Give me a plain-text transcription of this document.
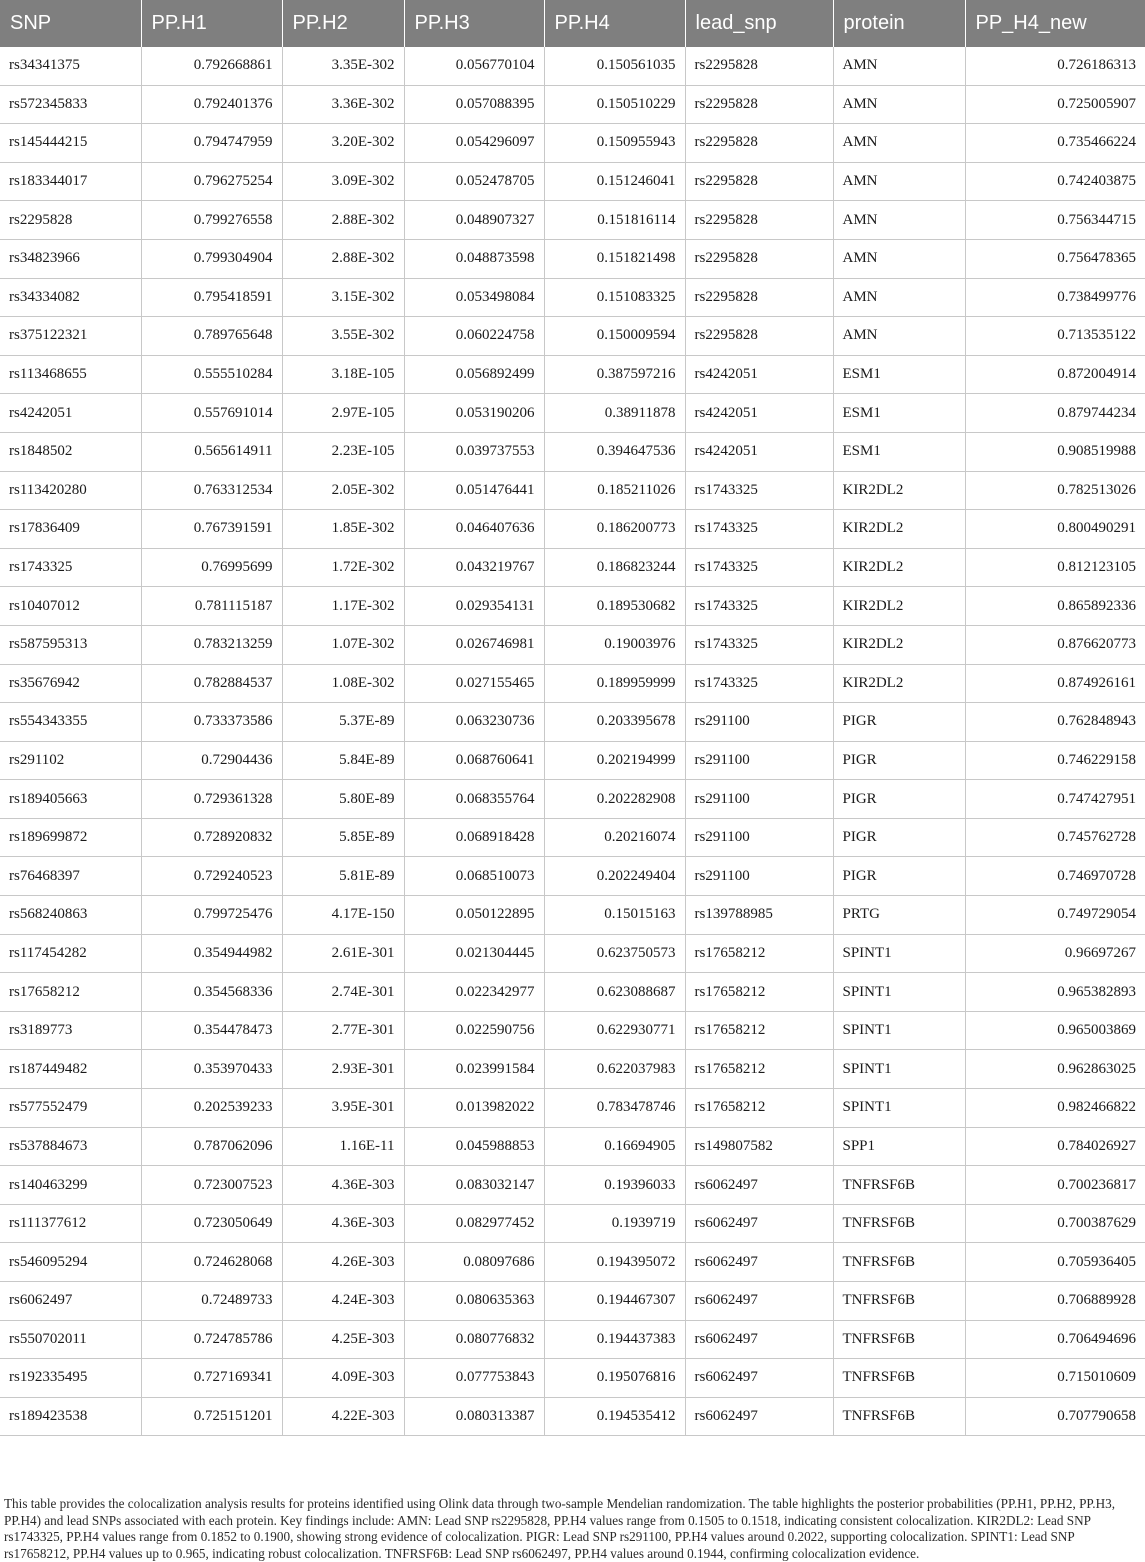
SNP	PP.H1	PP.H2	PP.H3	PP.H4	lead_snp	protein	PP_H4_new
rs34341375	0.792668861	3.35E-302	0.056770104	0.150561035	rs2295828	AMN	0.726186313
rs572345833	0.792401376	3.36E-302	0.057088395	0.150510229	rs2295828	AMN	0.725005907
rs145444215	0.794747959	3.20E-302	0.054296097	0.150955943	rs2295828	AMN	0.735466224
rs183344017	0.796275254	3.09E-302	0.052478705	0.151246041	rs2295828	AMN	0.742403875
rs2295828	0.799276558	2.88E-302	0.048907327	0.151816114	rs2295828	AMN	0.756344715
rs34823966	0.799304904	2.88E-302	0.048873598	0.151821498	rs2295828	AMN	0.756478365
rs34334082	0.795418591	3.15E-302	0.053498084	0.151083325	rs2295828	AMN	0.738499776
rs375122321	0.789765648	3.55E-302	0.060224758	0.150009594	rs2295828	AMN	0.713535122
rs113468655	0.555510284	3.18E-105	0.056892499	0.387597216	rs4242051	ESM1	0.872004914
rs4242051	0.557691014	2.97E-105	0.053190206	0.38911878	rs4242051	ESM1	0.879744234
rs1848502	0.565614911	2.23E-105	0.039737553	0.394647536	rs4242051	ESM1	0.908519988
rs113420280	0.763312534	2.05E-302	0.051476441	0.185211026	rs1743325	KIR2DL2	0.782513026
rs17836409	0.767391591	1.85E-302	0.046407636	0.186200773	rs1743325	KIR2DL2	0.800490291
rs1743325	0.76995699	1.72E-302	0.043219767	0.186823244	rs1743325	KIR2DL2	0.812123105
rs10407012	0.781115187	1.17E-302	0.029354131	0.189530682	rs1743325	KIR2DL2	0.865892336
rs587595313	0.783213259	1.07E-302	0.026746981	0.19003976	rs1743325	KIR2DL2	0.876620773
rs35676942	0.782884537	1.08E-302	0.027155465	0.189959999	rs1743325	KIR2DL2	0.874926161
rs554343355	0.733373586	5.37E-89	0.063230736	0.203395678	rs291100	PIGR	0.762848943
rs291102	0.72904436	5.84E-89	0.068760641	0.202194999	rs291100	PIGR	0.746229158
rs189405663	0.729361328	5.80E-89	0.068355764	0.202282908	rs291100	PIGR	0.747427951
rs189699872	0.728920832	5.85E-89	0.068918428	0.20216074	rs291100	PIGR	0.745762728
rs76468397	0.729240523	5.81E-89	0.068510073	0.202249404	rs291100	PIGR	0.746970728
rs568240863	0.799725476	4.17E-150	0.050122895	0.15015163	rs139788985	PRTG	0.749729054
rs117454282	0.354944982	2.61E-301	0.021304445	0.623750573	rs17658212	SPINT1	0.96697267
rs17658212	0.354568336	2.74E-301	0.022342977	0.623088687	rs17658212	SPINT1	0.965382893
rs3189773	0.354478473	2.77E-301	0.022590756	0.622930771	rs17658212	SPINT1	0.965003869
rs187449482	0.353970433	2.93E-301	0.023991584	0.622037983	rs17658212	SPINT1	0.962863025
rs577552479	0.202539233	3.95E-301	0.013982022	0.783478746	rs17658212	SPINT1	0.982466822
rs537884673	0.787062096	1.16E-11	0.045988853	0.16694905	rs149807582	SPP1	0.784026927
rs140463299	0.723007523	4.36E-303	0.083032147	0.19396033	rs6062497	TNFRSF6B	0.700236817
rs111377612	0.723050649	4.36E-303	0.082977452	0.1939719	rs6062497	TNFRSF6B	0.700387629
rs546095294	0.724628068	4.26E-303	0.08097686	0.194395072	rs6062497	TNFRSF6B	0.705936405
rs6062497	0.72489733	4.24E-303	0.080635363	0.194467307	rs6062497	TNFRSF6B	0.706889928
rs550702011	0.724785786	4.25E-303	0.080776832	0.194437383	rs6062497	TNFRSF6B	0.706494696
rs192335495	0.727169341	4.09E-303	0.077753843	0.195076816	rs6062497	TNFRSF6B	0.715010609
rs189423538	0.725151201	4.22E-303	0.080313387	0.194535412	rs6062497	TNFRSF6B	0.707790658

This table provides the colocalization analysis results for proteins identified using Olink data through two-sample Mendelian randomization. The table highlights the posterior probabilities (PP.H1, PP.H2, PP.H3, PP.H4) and lead SNPs associated with each protein. Key findings include: AMN: Lead SNP rs2295828, PP.H4 values range from 0.1505 to 0.1518, indicating consistent colocalization. KIR2DL2: Lead SNP rs1743325, PP.H4 values range from 0.1852 to 0.1900, showing strong evidence of colocalization. PIGR: Lead SNP rs291100, PP.H4 values around 0.2022, supporting colocalization. SPINT1: Lead SNP rs17658212, PP.H4 values up to 0.965, indicating robust colocalization. TNFRSF6B: Lead SNP rs6062497, PP.H4 values around 0.1944, confirming colocalization evidence.
